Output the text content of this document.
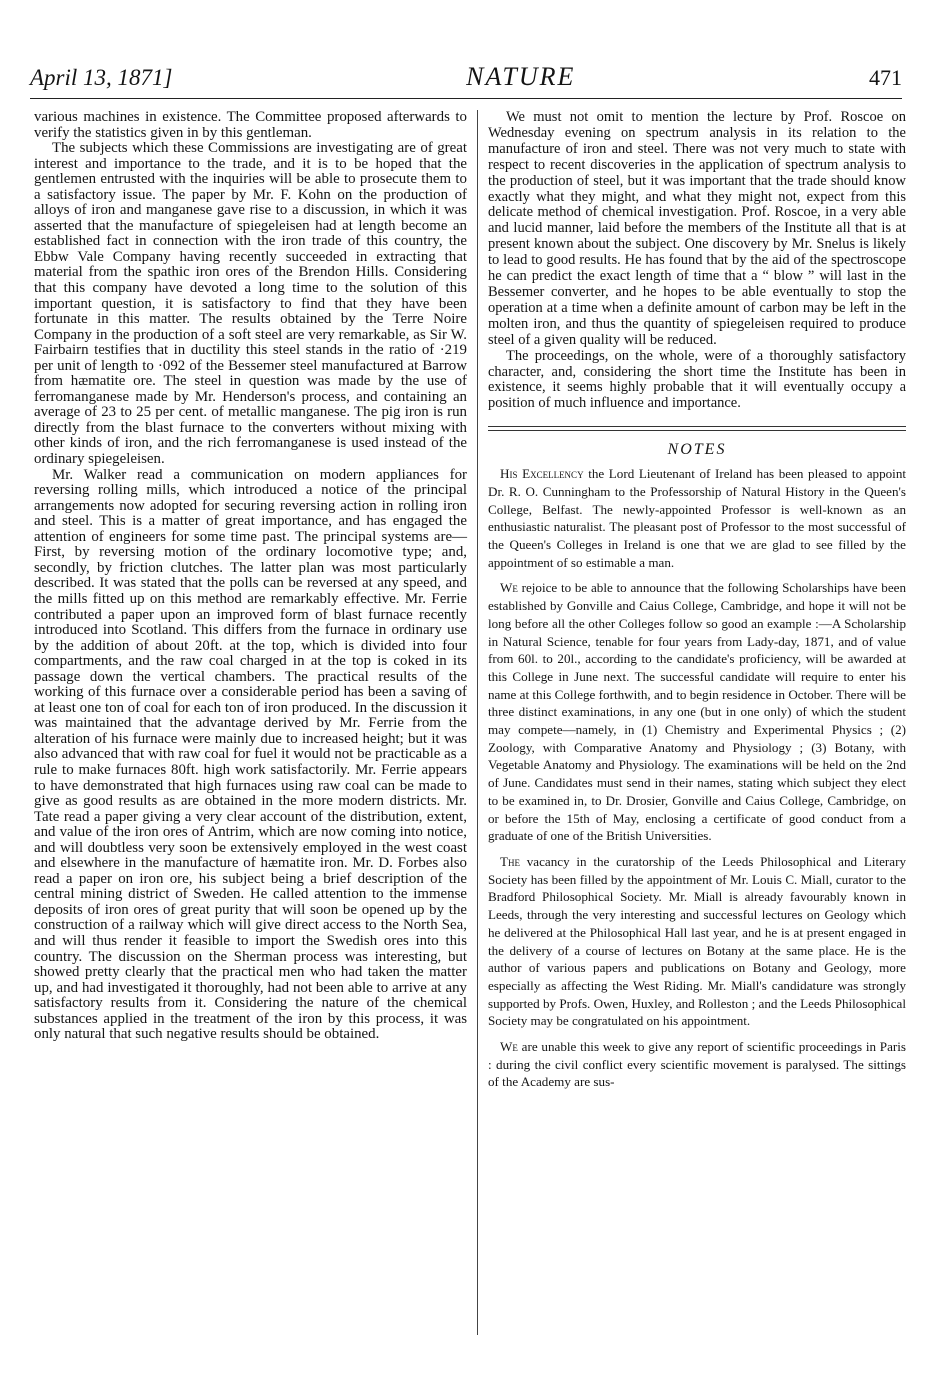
April 13, 1871]	NATURE	471

various machines in existence. The Committee proposed afterwards to verify the statistics given in by this gentleman.

The subjects which these Commissions are investigating are of great interest and importance to the trade, and it is to be hoped that the gentlemen entrusted with the inquiries will be able to prosecute them to a satisfactory issue. The paper by Mr. F. Kohn on the production of alloys of iron and manganese gave rise to a discussion, in which it was asserted that the manufacture of spiegeleisen had at length become an established fact in connection with the iron trade of this country, the Ebbw Vale Company having recently succeeded in extracting that material from the spathic iron ores of the Brendon Hills. Considering that this company have devoted a long time to the solution of this important question, it is satisfactory to find that they have been fortunate in this matter. The results obtained by the Terre Noire Company in the production of a soft steel are very remarkable, as Sir W. Fairbairn testifies that in ductility this steel stands in the ratio of ·219 per unit of length to ·092 of the Bessemer steel manufactured at Barrow from hæmatite ore. The steel in question was made by the use of ferromanganese made by Mr. Henderson's process, and containing an average of 23 to 25 per cent. of metallic manganese. The pig iron is run directly from the blast furnace to the converters without mixing with other kinds of iron, and the rich ferromanganese is used instead of the ordinary spiegeleisen.

Mr. Walker read a communication on modern appliances for reversing rolling mills, which introduced a notice of the principal arrangements now adopted for securing reversing action in rolling iron and steel. This is a matter of great importance, and has engaged the attention of engineers for some time past. The principal systems are—First, by reversing motion of the ordinary locomotive type; and, secondly, by friction clutches. The latter plan was most particularly described. It was stated that the polls can be reversed at any speed, and the mills fitted up on this method are remarkably effective. Mr. Ferrie contributed a paper upon an improved form of blast furnace recently introduced into Scotland. This differs from the furnace in ordinary use by the addition of about 20ft. at the top, which is divided into four compartments, and the raw coal charged in at the top is coked in its passage down the vertical chambers. The practical results of the working of this furnace over a considerable period has been a saving of at least one ton of coal for each ton of iron produced. In the discussion it was maintained that the advantage derived by Mr. Ferrie from the alteration of his furnace were mainly due to increased height; but it was also advanced that with raw coal for fuel it would not be practicable as a rule to make furnaces 80ft. high work satisfactorily. Mr. Ferrie appears to have demonstrated that high furnaces using raw coal can be made to give as good results as are obtained in the more modern districts. Mr. Tate read a paper giving a very clear account of the distribution, extent, and value of the iron ores of Antrim, which are now coming into notice, and will doubtless very soon be extensively employed in the west coast and elsewhere in the manufacture of hæmatite iron. Mr. D. Forbes also read a paper on iron ore, his subject being a brief description of the central mining district of Sweden. He called attention to the immense deposits of iron ores of great purity that will soon be opened up by the construction of a railway which will give direct access to the North Sea, and will thus render it feasible to import the Swedish ores into this country. The discussion on the Sherman process was interesting, but showed pretty clearly that the practical men who had taken the matter up, and had investigated it thoroughly, had not been able to arrive at any satisfactory results from it. Considering the nature of the chemical substances applied in the treatment of the iron by this process, it was only natural that such negative results should be obtained.

We must not omit to mention the lecture by Prof. Roscoe on Wednesday evening on spectrum analysis in its relation to the manufacture of iron and steel. There was not very much to state with respect to recent discoveries in the application of spectrum analysis to the production of steel, but it was important that the trade should know exactly what they might, and what they might not, expect from this delicate method of chemical investigation. Prof. Roscoe, in a very able and lucid manner, laid before the members of the Institute all that is at present known about the subject. One discovery by Mr. Snelus is likely to lead to good results. He has found that by the aid of the spectroscope he can predict the exact length of time that a “ blow ” will last in the Bessemer converter, and he hopes to be able eventually to stop the operation at a time when a definite amount of carbon may be left in the molten iron, and thus the quantity of spiegeleisen required to produce steel of a given quality will be reduced.

The proceedings, on the whole, were of a thoroughly satisfactory character, and, considering the short time the Institute has been in existence, it seems highly probable that it will eventually occupy a position of much influence and importance.

NOTES

His Excellency the Lord Lieutenant of Ireland has been pleased to appoint Dr. R. O. Cunningham to the Professorship of Natural History in the Queen's College, Belfast. The newly-appointed Professor is well-known as an enthusiastic naturalist. The pleasant post of Professor to the most successful of the Queen's Colleges in Ireland is one that we are glad to see filled by the appointment of so estimable a man.

We rejoice to be able to announce that the following Scholarships have been established by Gonville and Caius College, Cambridge, and hope it will not be long before all the other Colleges follow so good an example :—A Scholarship in Natural Science, tenable for four years from Lady-day, 1871, and of value from 60l. to 20l., according to the candidate's proficiency, will be awarded at this College in June next. The successful candidate will require to enter his name at this College forthwith, and to begin residence in October. There will be three distinct examinations, in any one (but in one only) of which the student may compete—namely, in (1) Chemistry and Experimental Physics ; (2) Zoology, with Comparative Anatomy and Physiology ; (3) Botany, with Vegetable Anatomy and Physiology. The examinations will be held on the 2nd of June. Candidates must send in their names, stating which subject they elect to be examined in, to Dr. Drosier, Gonville and Caius College, Cambridge, on or before the 15th of May, enclosing a certificate of good conduct from a graduate of one of the British Universities.

The vacancy in the curatorship of the Leeds Philosophical and Literary Society has been filled by the appointment of Mr. Louis C. Miall, curator to the Bradford Philosophical Society. Mr. Miall is already favourably known in Leeds, through the very interesting and successful lectures on Geology which he delivered at the Philosophical Hall last year, and he is at present engaged in the delivery of a course of lectures on Botany at the same place. He is the author of various papers and publications on Botany and Geology, more especially as affecting the West Riding. Mr. Miall's candidature was strongly supported by Profs. Owen, Huxley, and Rolleston ; and the Leeds Philosophical Society may be congratulated on his appointment.

We are unable this week to give any report of scientific proceedings in Paris : during the civil conflict every scientific movement is paralysed. The sittings of the Academy are sus-
